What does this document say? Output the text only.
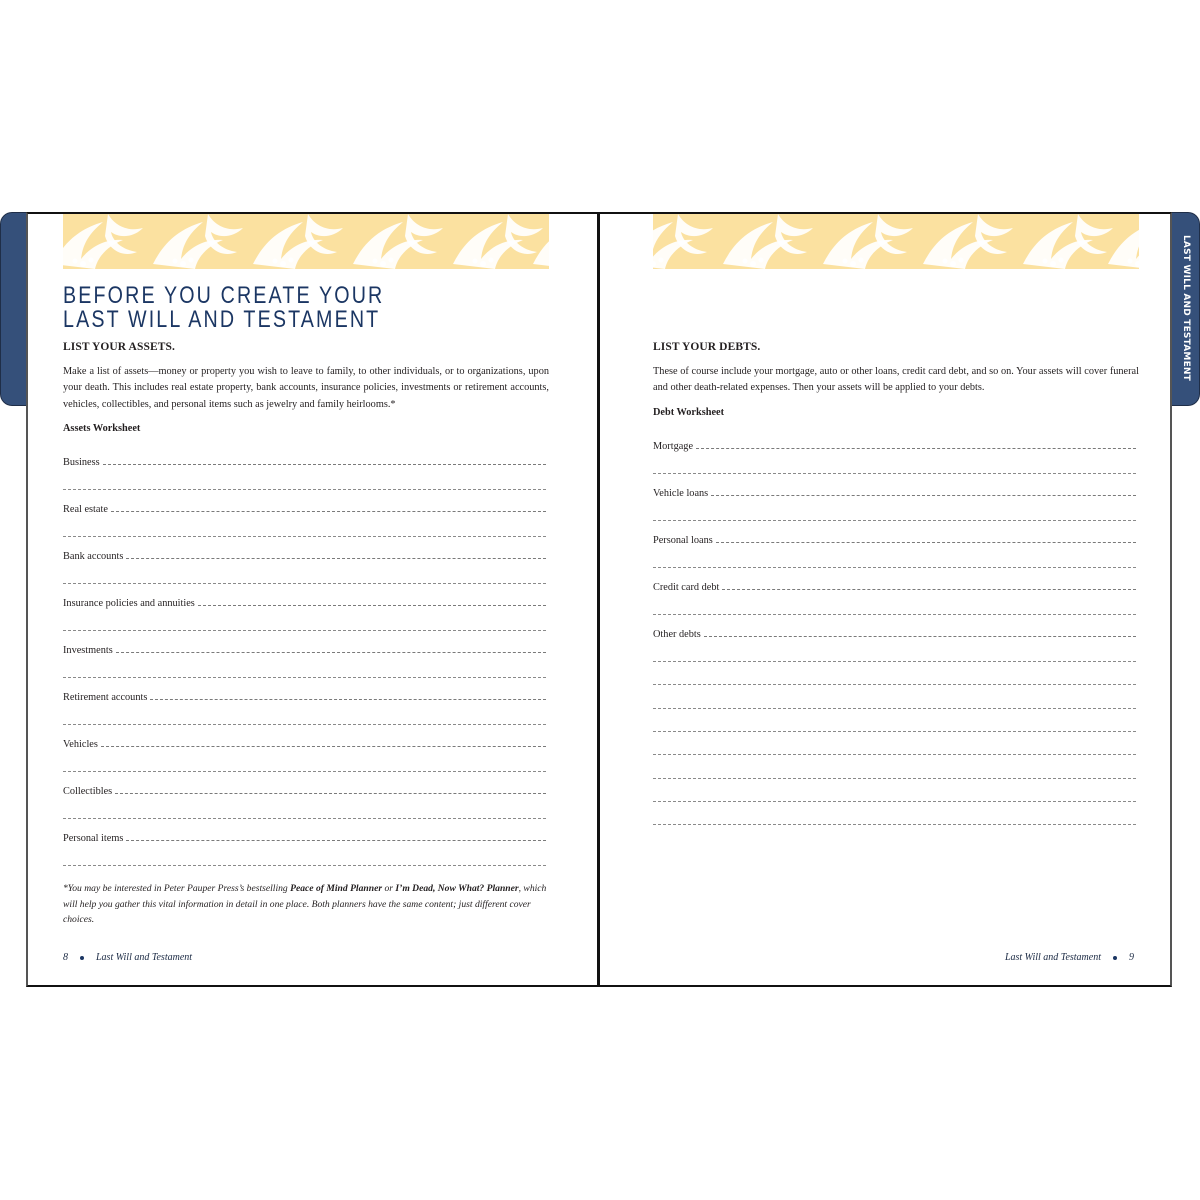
BEFORE YOU CREATE YOUR
LAST WILL AND TESTAMENT
LIST YOUR ASSETS.
Make a list of assets—money or property you wish to leave to family, to other individuals, or to organizations, upon your death. This includes real estate property, bank accounts, insurance policies, investments or retirement accounts, vehicles, collectibles, and personal items such as jewelry and family heirlooms.*
Assets Worksheet
Business
Real estate
Bank accounts
Insurance policies and annuities
Investments
Retirement accounts
Vehicles
Collectibles
Personal items
*You may be interested in Peter Pauper Press’s bestselling Peace of Mind Planner or I’m Dead, Now What? Planner, which will help you gather this vital information in detail in one place. Both planners have the same content; just different cover choices.
8	Last Will and Testament
LIST YOUR DEBTS.
These of course include your mortgage, auto or other loans, credit card debt, and so on. Your assets will cover funeral and other death-related expenses. Then your assets will be applied to your debts.
Debt Worksheet
Mortgage
Vehicle loans
Personal loans
Credit card debt
Other debts
Last Will and Testament	9
LAST WILL AND TESTAMENT
